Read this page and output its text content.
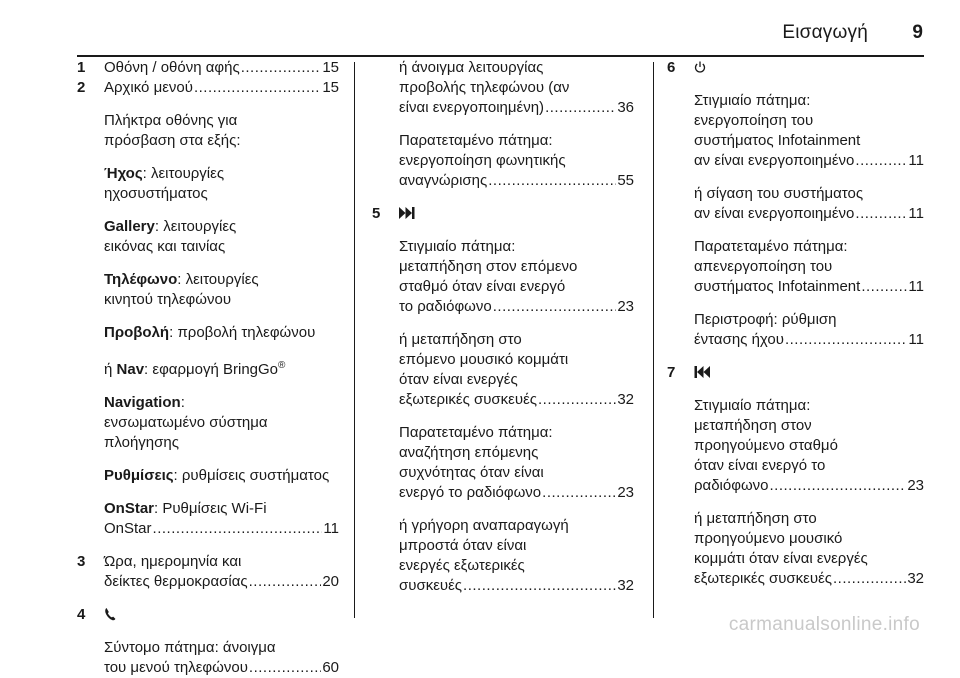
Εισαγωγή 9
1 Οθόνη / οθόνη αφής .....	15
2 Αρχικό μενού .....	15
Πλήκτρα οθόνης για
πρόσβαση στα εξής:
Ήχος: λειτουργίες
ηχοσυστήματος
Gallery: λειτουργίες
εικόνας και ταινίας
Τηλέφωνο: λειτουργίες
κινητού τηλεφώνου
Προβολή: προβολή τηλεφώνου
ή Nav: εφαρμογή BringGo®
Navigation:
ενσωματωμένο σύστημα
πλοήγησης
Ρυθμίσεις: ρυθμίσεις συστήματος
OnStar: Ρυθμίσεις Wi-Fi
OnStar .....	11
3 Ώρα, ημερομηνία και
δείκτες θερμοκρασίας .....	20
4
Σύντομο πάτημα: άνοιγμα
του μενού τηλεφώνου .....	60
ή άνοιγμα λειτουργίας
προβολής τηλεφώνου (αν
είναι ενεργοποιημένη) .....	36
Παρατεταμένο πάτημα:
ενεργοποίηση φωνητικής
αναγνώρισης .....	55
5
Στιγμιαίο πάτημα:
μεταπήδηση στον επόμενο
σταθμό όταν είναι ενεργό
το ραδιόφωνο .....	23
ή μεταπήδηση στο
επόμενο μουσικό κομμάτι
όταν είναι ενεργές
εξωτερικές συσκευές .....	32
Παρατεταμένο πάτημα:
αναζήτηση επόμενης
συχνότητας όταν είναι
ενεργό το ραδιόφωνο .....	23
ή γρήγορη αναπαραγωγή
μπροστά όταν είναι
ενεργές εξωτερικές
συσκευές .....	32
6
Στιγμιαίο πάτημα:
ενεργοποίηση του
συστήματος Infotainment
αν είναι ενεργοποιημένο .....	11
ή σίγαση του συστήματος
αν είναι ενεργοποιημένο .....	11
Παρατεταμένο πάτημα:
απενεργοποίηση του
συστήματος Infotainment .....	11
Περιστροφή: ρύθμιση
έντασης ήχου .....	11
7
Στιγμιαίο πάτημα:
μεταπήδηση στον
προηγούμενο σταθμό
όταν είναι ενεργό το
ραδιόφωνο .....	23
ή μεταπήδηση στο
προηγούμενο μουσικό
κομμάτι όταν είναι ενεργές
εξωτερικές συσκευές .....	32
carmanualsonline.info
